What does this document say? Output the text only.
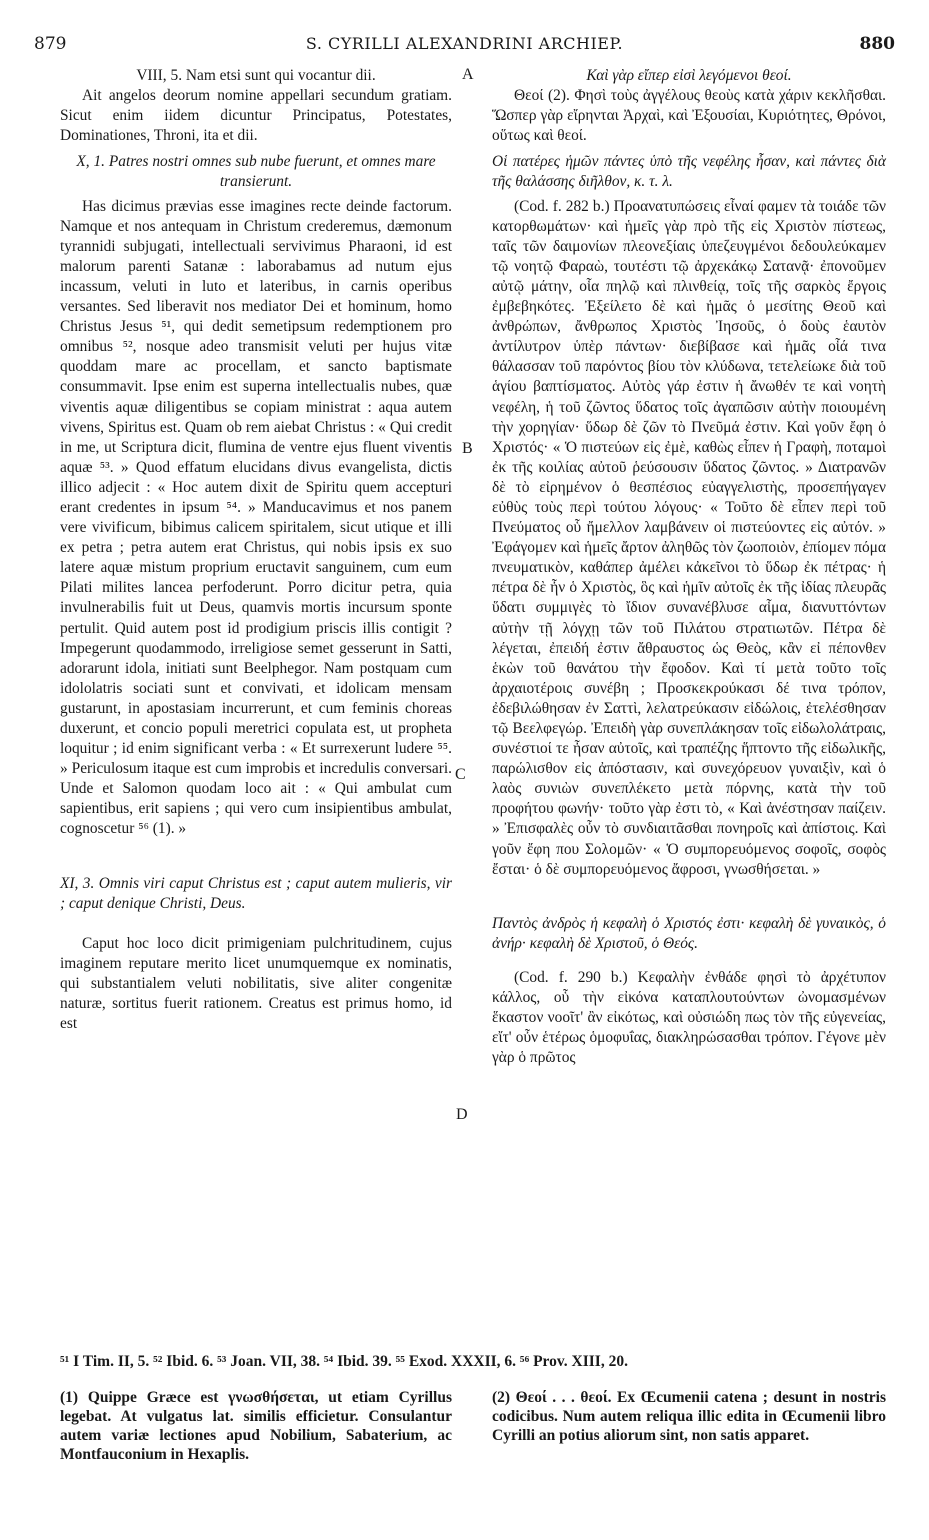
879	S. CYRILLI ALEXANDRINI ARCHIEP.	880

VIII, 5. Nam etsi sunt qui vocantur dii.

Ait angelos deorum nomine appellari secundum gratiam. Sicut enim iidem dicuntur Principatus, Potestates, Dominationes, Throni, ita et dii.

X, 1. Patres nostri omnes sub nube fuerunt, et omnes mare transierunt.

Has dicimus prævias esse imagines recte deinde factorum. Namque et nos antequam in Christum crederemus, dæmonum tyrannidi subjugati, intellectuali servivimus Pharaoni, id est malorum parenti Satanæ : laborabamus ad nutum ejus incassum, veluti in luto et lateribus, in carnis operibus versantes. Sed liberavit nos mediator Dei et hominum, homo Christus Jesus ⁵¹, qui dedit semetipsum redemptionem pro omnibus ⁵², nosque adeo transmisit veluti per hujus vitæ quoddam mare ac procellam, et sancto baptismate consummavit. Ipse enim est superna intellectualis nubes, quæ viventis aquæ diligentibus se copiam ministrat : aqua autem vivens, Spiritus est. Quam ob rem aiebat Christus : « Qui credit in me, ut Scriptura dicit, flumina de ventre ejus fluent viventis aquæ ⁵³. » Quod effatum elucidans divus evangelista, dictis illico adjecit : « Hoc autem dixit de Spiritu quem accepturi erant credentes in ipsum ⁵⁴. » Manducavimus et nos panem vere vivificum, bibimus calicem spiritalem, sicut utique et illi ex petra ; petra autem erat Christus, qui nobis ipsis ex suo latere aquæ mistum proprium eructavit sanguinem, cum eum Pilati milites lancea perfoderunt. Porro dicitur petra, quia invulnerabilis fuit ut Deus, quamvis mortis incursum sponte pertulit. Quid autem post id prodigium priscis illis contigit ? Impegerunt quodammodo, irreligiose semet gesserunt in Satti, adorarunt idola, initiati sunt Beelphegor. Nam postquam cum idololatris sociati sunt et convivati, et idolicam mensam gustarunt, in apostasiam incurrerunt, et cum feminis choreas duxerunt, et concio populi meretrici copulata est, ut propheta loquitur ; id enim significant verba : « Et surrexerunt ludere ⁵⁵. » Periculosum itaque est cum improbis et incredulis conversari. Unde et Salomon quodam loco ait : « Qui ambulat cum sapientibus, erit sapiens ; qui vero cum insipientibus ambulat, cognoscetur ⁵⁶ (1). »

XI, 3. Omnis viri caput Christus est ; caput autem mulieris, vir ; caput denique Christi, Deus.

Caput hoc loco dicit primigeniam pulchritudinem, cujus imaginem reputare merito licet unumquemque ex nominatis, qui substantialem veluti nobilitatis, sive aliter congenitæ naturæ, sortitus fuerit rationem. Creatus est primus homo, id est

Καὶ γὰρ εἴπερ εἰσὶ λεγόμενοι θεοί.

Θεοί (2). Φησὶ τοὺς ἀγγέλους θεοὺς κατὰ χάριν κεκλῆσθαι. Ὥσπερ γὰρ εἴρηνται Ἀρχαὶ, καὶ Ἐξουσίαι, Κυριότητες, Θρόνοι, οὕτως καὶ θεοί.

Οἱ πατέρες ἡμῶν πάντες ὑπὸ τῆς νεφέλης ἦσαν, καὶ πάντες διὰ τῆς θαλάσσης διῆλθον, κ. τ. λ.

(Cod. f. 282 b.) Προανατυπώσεις εἶναί φαμεν τὰ τοιάδε τῶν κατορθωμάτων· καὶ ἡμεῖς γὰρ πρὸ τῆς εἰς Χριστὸν πίστεως, ταῖς τῶν δαιμονίων πλεονεξίαις ὑπεζευγμένοι δεδουλεύκαμεν τῷ νοητῷ Φαραὼ, τουτέστι τῷ ἀρχεκάκῳ Σατανᾷ· ἐπονοῦμεν αὐτῷ μάτην, οἷα πηλῷ καὶ πλινθείᾳ, τοῖς τῆς σαρκὸς ἔργοις ἐμβεβηκότες. Ἐξείλετο δὲ καὶ ἡμᾶς ὁ μεσίτης Θεοῦ καὶ ἀνθρώπων, ἄνθρωπος Χριστὸς Ἰησοῦς, ὁ δοὺς ἑαυτὸν ἀντίλυτρον ὑπὲρ πάντων· διεβίβασε καὶ ἡμᾶς οἷά τινα θάλασσαν τοῦ παρόντος βίου τὸν κλύδωνα, τετελείωκε διὰ τοῦ ἁγίου βαπτίσματος. Αὐτὸς γάρ ἐστιν ἡ ἄνωθέν τε καὶ νοητὴ νεφέλη, ἡ τοῦ ζῶντος ὕδατος τοῖς ἀγαπῶσιν αὐτὴν ποιουμένη τὴν χορηγίαν· ὕδωρ δὲ ζῶν τὸ Πνεῦμά ἐστιν. Καὶ γοῦν ἔφη ὁ Χριστός· « Ὁ πιστεύων εἰς ἐμὲ, καθὼς εἶπεν ἡ Γραφὴ, ποταμοὶ ἐκ τῆς κοιλίας αὐτοῦ ῥεύσουσιν ὕδατος ζῶντος. » Διατρανῶν δὲ τὸ εἰρημένον ὁ θεσπέσιος εὐαγγελιστὴς, προσεπήγαγεν εὐθὺς τοὺς περὶ τούτου λόγους· « Τοῦτο δὲ εἶπεν περὶ τοῦ Πνεύματος οὗ ἤμελλον λαμβάνειν οἱ πιστεύοντες εἰς αὐτόν. » Ἐφάγομεν καὶ ἡμεῖς ἄρτον ἀληθῶς τὸν ζωοποιὸν, ἐπίομεν πόμα πνευματικὸν, καθάπερ ἀμέλει κἀκεῖνοι τὸ ὕδωρ ἐκ πέτρας· ἡ πέτρα δὲ ἦν ὁ Χριστὸς, ὃς καὶ ἡμῖν αὐτοῖς ἐκ τῆς ἰδίας πλευρᾶς ὕδατι συμμιγὲς τὸ ἴδιον συνανέβλυσε αἷμα, διανυττόντων αὐτὴν τῇ λόγχῃ τῶν τοῦ Πιλάτου στρατιωτῶν. Πέτρα δὲ λέγεται, ἐπειδή ἐστιν ἄθραυστος ὡς Θεὸς, κἂν εἰ πέπονθεν ἑκὼν τοῦ θανάτου τὴν ἔφοδον. Καὶ τί μετὰ τοῦτο τοῖς ἀρχαιοτέροις συνέβη ; Προσκεκρούκασι δέ τινα τρόπον, ἐδεβιλώθησαν ἐν Σαττὶ, λελατρεύκασιν εἰδώλοις, ἐτελέσθησαν τῷ Βεελφεγώρ. Ἐπειδὴ γὰρ συνεπλάκησαν τοῖς εἰδωλολάτραις, συνέστιοί τε ἦσαν αὐτοῖς, καὶ τραπέζης ἥπτοντο τῆς εἰδωλικῆς, παρώλισθον εἰς ἀπόστασιν, καὶ συνεχόρευον γυναιξὶν, καὶ ὁ λαὸς συνιὼν συνεπλέκετο μετὰ πόρνης, κατὰ τὴν τοῦ προφήτου φωνήν· τοῦτο γὰρ ἐστι τὸ, « Καὶ ἀνέστησαν παίζειν. » Ἐπισφαλὲς οὖν τὸ συνδιαιτᾶσθαι πονηροῖς καὶ ἀπίστοις. Καὶ γοῦν ἔφη που Σολομῶν· « Ὁ συμπορευόμενος σοφοῖς, σοφὸς ἔσται· ὁ δὲ συμπορευόμενος ἄφροσι, γνωσθήσεται. »

Παντὸς ἀνδρὸς ἡ κεφαλὴ ὁ Χριστός ἐστι· κεφαλὴ δὲ γυναικὸς, ὁ ἀνήρ· κεφαλὴ δὲ Χριστοῦ, ὁ Θεός.

(Cod. f. 290 b.) Κεφαλὴν ἐνθάδε φησὶ τὸ ἀρχέτυπον κάλλος, οὗ τὴν εἰκόνα καταπλουτούντων ὠνομασμένων ἕκαστον νοοῖτ' ἂν εἰκότως, καὶ οὐσιώδη πως τὸν τῆς εὐγενείας, εἴτ' οὖν ἑτέρως ὁμοφυΐας, διακληρώσασθαι τρόπον. Γέγονε μὲν γὰρ ὁ πρῶτος

A
B
C
D
⁵¹ I Tim. II, 5. ⁵² Ibid. 6. ⁵³ Joan. VII, 38. ⁵⁴ Ibid. 39. ⁵⁵ Exod. XXXII, 6. ⁵⁶ Prov. XIII, 20.

(1) Quippe Græce est γνωσθήσεται, ut etiam Cyrillus legebat. At vulgatus lat. similis efficietur. Consulantur autem variæ lectiones apud Nobilium, Sabaterium, ac Montfauconium in Hexaplis.

(2) Θεοί . . . θεοί. Ex Œcumenii catena ; desunt in nostris codicibus. Num autem reliqua illic edita in Œcumenii libro Cyrilli an potius aliorum sint, non satis apparet.
